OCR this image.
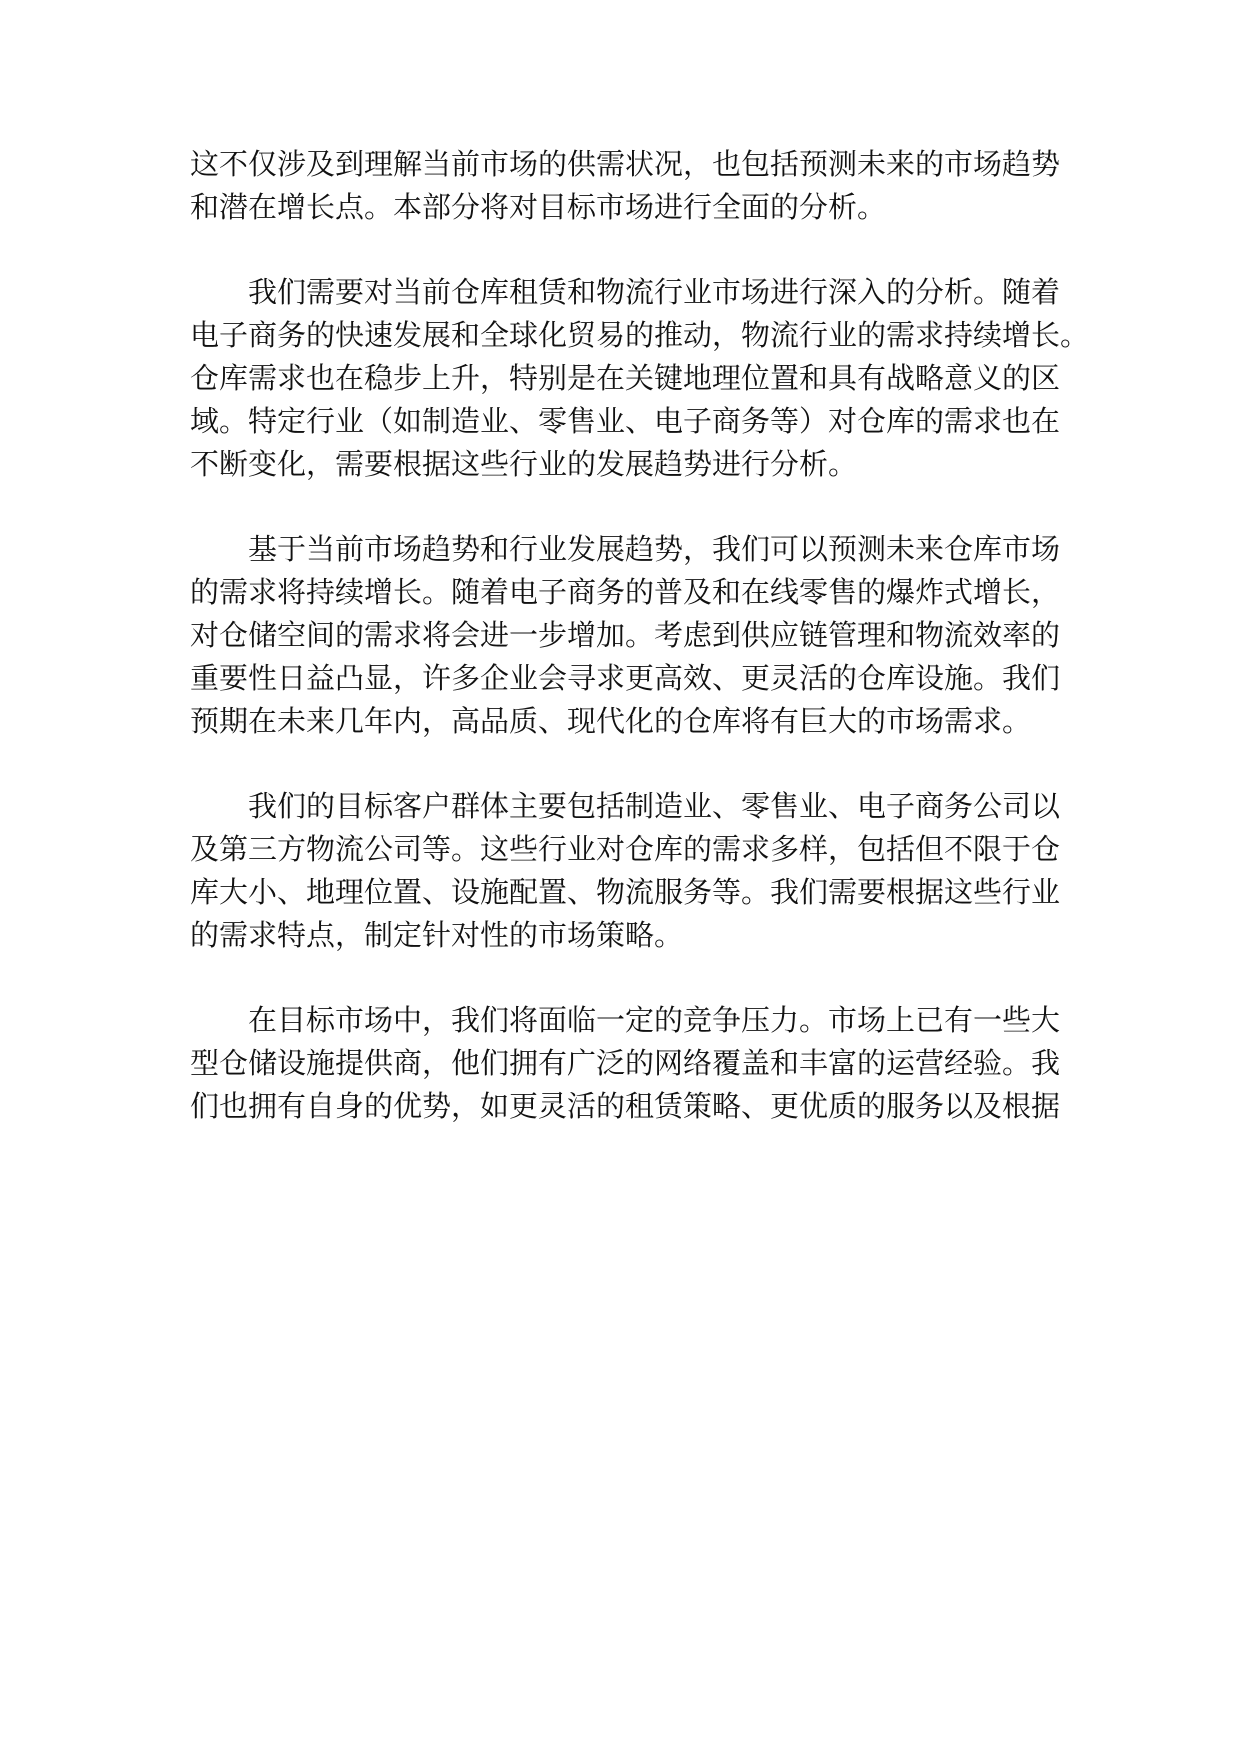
这不仅涉及到理解当前市场的供需状况，也包括预测未来的市场趋势
和潜在增长点。本部分将对目标市场进行全面的分析。
我们需要对当前仓库租赁和物流行业市场进行深入的分析。随着
电子商务的快速发展和全球化贸易的推动，物流行业的需求持续增长。
仓库需求也在稳步上升，特别是在关键地理位置和具有战略意义的区
域。特定行业（如制造业、零售业、电子商务等）对仓库的需求也在
不断变化，需要根据这些行业的发展趋势进行分析。
基于当前市场趋势和行业发展趋势，我们可以预测未来仓库市场
的需求将持续增长。随着电子商务的普及和在线零售的爆炸式增长，
对仓储空间的需求将会进一步增加。考虑到供应链管理和物流效率的
重要性日益凸显，许多企业会寻求更高效、更灵活的仓库设施。我们
预期在未来几年内，高品质、现代化的仓库将有巨大的市场需求。
我们的目标客户群体主要包括制造业、零售业、电子商务公司以
及第三方物流公司等。这些行业对仓库的需求多样，包括但不限于仓
库大小、地理位置、设施配置、物流服务等。我们需要根据这些行业
的需求特点，制定针对性的市场策略。
在目标市场中，我们将面临一定的竞争压力。市场上已有一些大
型仓储设施提供商，他们拥有广泛的网络覆盖和丰富的运营经验。我
们也拥有自身的优势，如更灵活的租赁策略、更优质的服务以及根据
